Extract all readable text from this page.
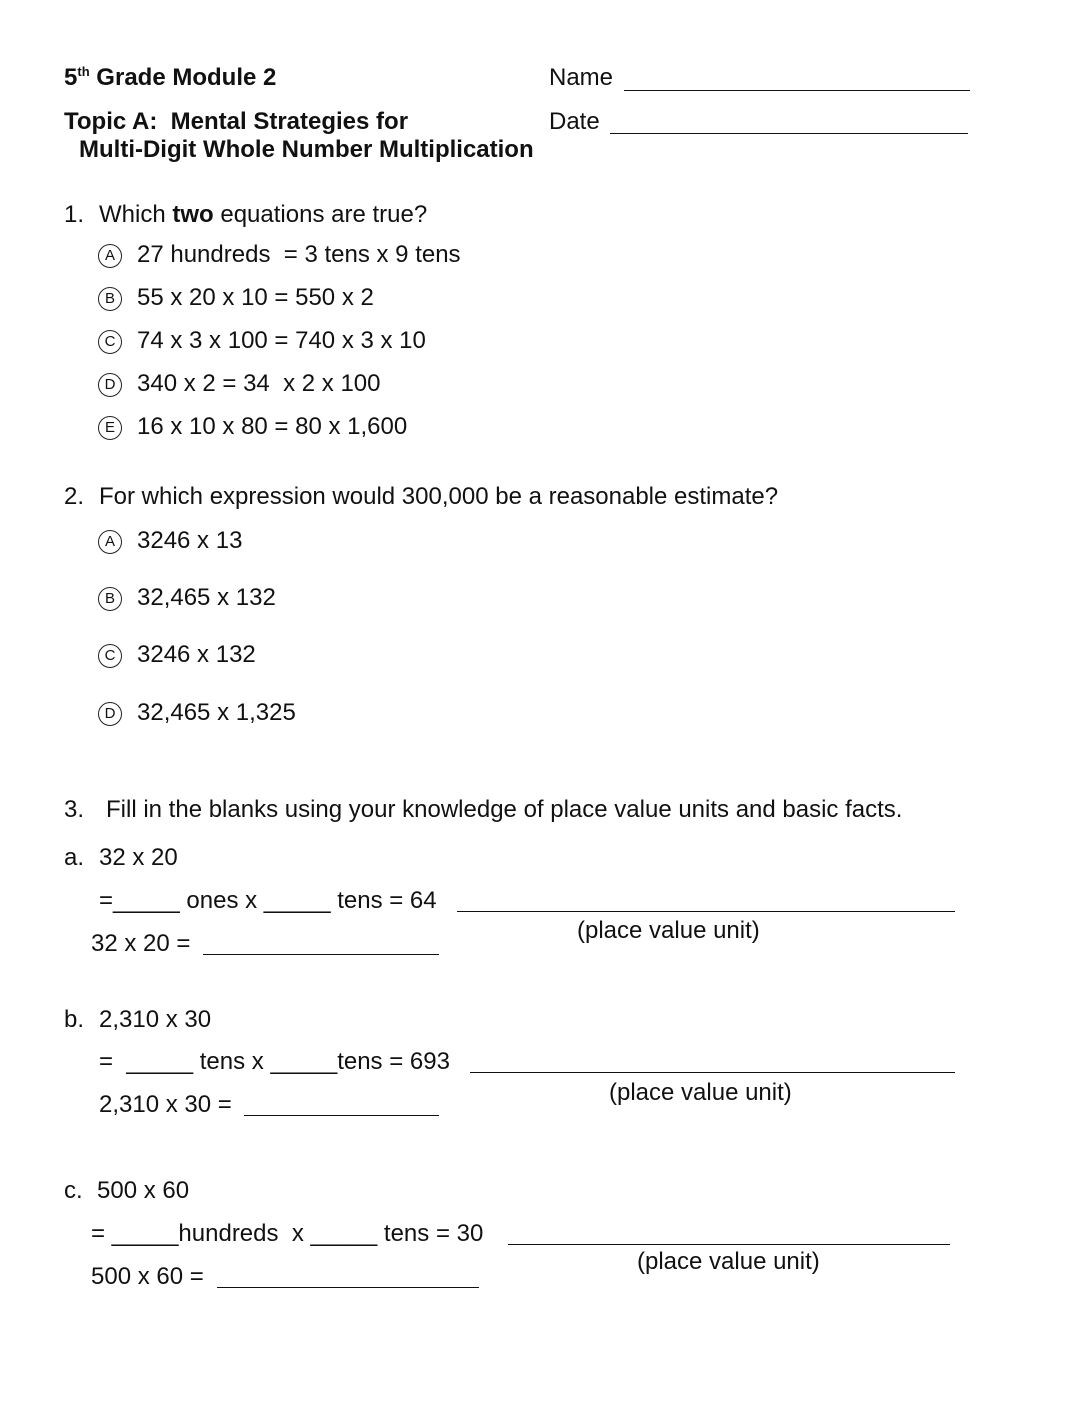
5th Grade Module 2	Name
Topic A:  Mental Strategies for	Date
Multi-Digit Whole Number Multiplication
1. Which two equations are true?
A 27 hundreds  = 3 tens x 9 tens
B 55 x 20 x 10 = 550 x 2
C 74 x 3 x 100 = 740 x 3 x 10
D 340 x 2 = 34  x 2 x 100
E 16 x 10 x 80 = 80 x 1,600
2. For which expression would 300,000 be a reasonable estimate?
A 3246 x 13
B 32,465 x 132
C 3246 x 132
D 32,465 x 1,325
3. Fill in the blanks using your knowledge of place value units and basic facts.
a. 32 x 20
=_____ ones x _____ tens = 64
(place value unit)
32 x 20 =
b. 2,310 x 30
=  _____ tens x _____tens = 693
(place value unit)
2,310 x 30 =
c. 500 x 60
= _____hundreds  x _____ tens = 30
(place value unit)
500 x 60 =
